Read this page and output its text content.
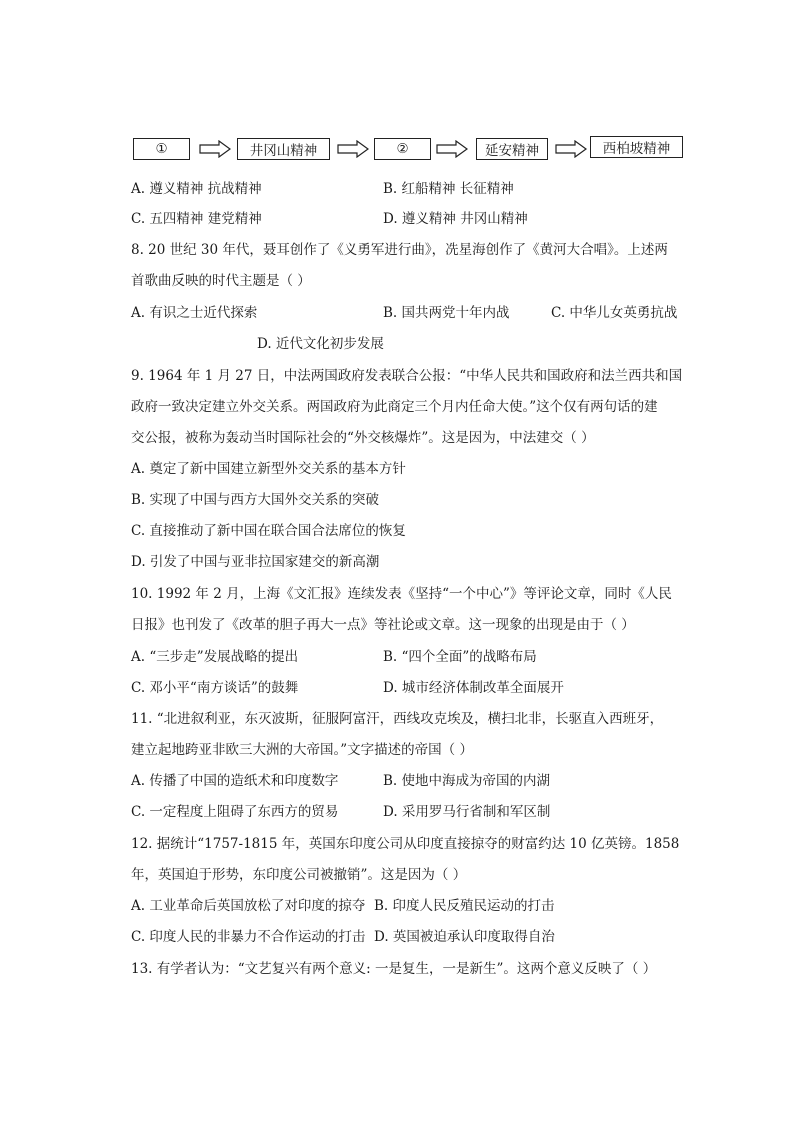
①	井冈山精神	②	延安精神	西柏坡精神
A. 遵义精神 抗战精神	B. 红船精神 长征精神
C. 五四精神 建党精神	D. 遵义精神 井冈山精神
8. 20 世纪 30 年代，聂耳创作了《义勇军进行曲》，冼星海创作了《黄河大合唱》。上述两
首歌曲反映的时代主题是（ ）
A. 有识之士近代探索	B. 国共两党十年内战	C. 中华儿女英勇抗战
D. 近代文化初步发展
9. 1964 年 1 月 27 日，中法两国政府发表联合公报：“中华人民共和国政府和法兰西共和国
政府一致决定建立外交关系。两国政府为此商定三个月内任命大使。”这个仅有两句话的建
交公报，被称为轰动当时国际社会的“外交核爆炸”。这是因为，中法建交（ ）
A. 奠定了新中国建立新型外交关系的基本方针
B. 实现了中国与西方大国外交关系的突破
C. 直接推动了新中国在联合国合法席位的恢复
D. 引发了中国与亚非拉国家建交的新高潮
10. 1992 年 2 月，上海《文汇报》连续发表《坚持“一个中心”》等评论文章，同时《人民
日报》也刊发了《改革的胆子再大一点》等社论或文章。这一现象的出现是由于（ ）
A. “三步走”发展战略的提出	B. “四个全面”的战略布局
C. 邓小平“南方谈话”的鼓舞	D. 城市经济体制改革全面展开
11. “北进叙利亚，东灭波斯，征服阿富汗，西线攻克埃及，横扫北非，长驱直入西班牙，
建立起地跨亚非欧三大洲的大帝国。”文字描述的帝国（ ）
A. 传播了中国的造纸术和印度数字	B. 使地中海成为帝国的内湖
C. 一定程度上阻碍了东西方的贸易	D. 采用罗马行省制和军区制
12. 据统计“1757-1815 年，英国东印度公司从印度直接掠夺的财富约达 10 亿英镑。1858
年，英国迫于形势，东印度公司被撤销”。这是因为（ ）
A. 工业革命后英国放松了对印度的掠夺 B. 印度人民反殖民运动的打击
C. 印度人民的非暴力不合作运动的打击 D. 英国被迫承认印度取得自治
13. 有学者认为：“文艺复兴有两个意义: 一是复生，一是新生”。这两个意义反映了（ ）
